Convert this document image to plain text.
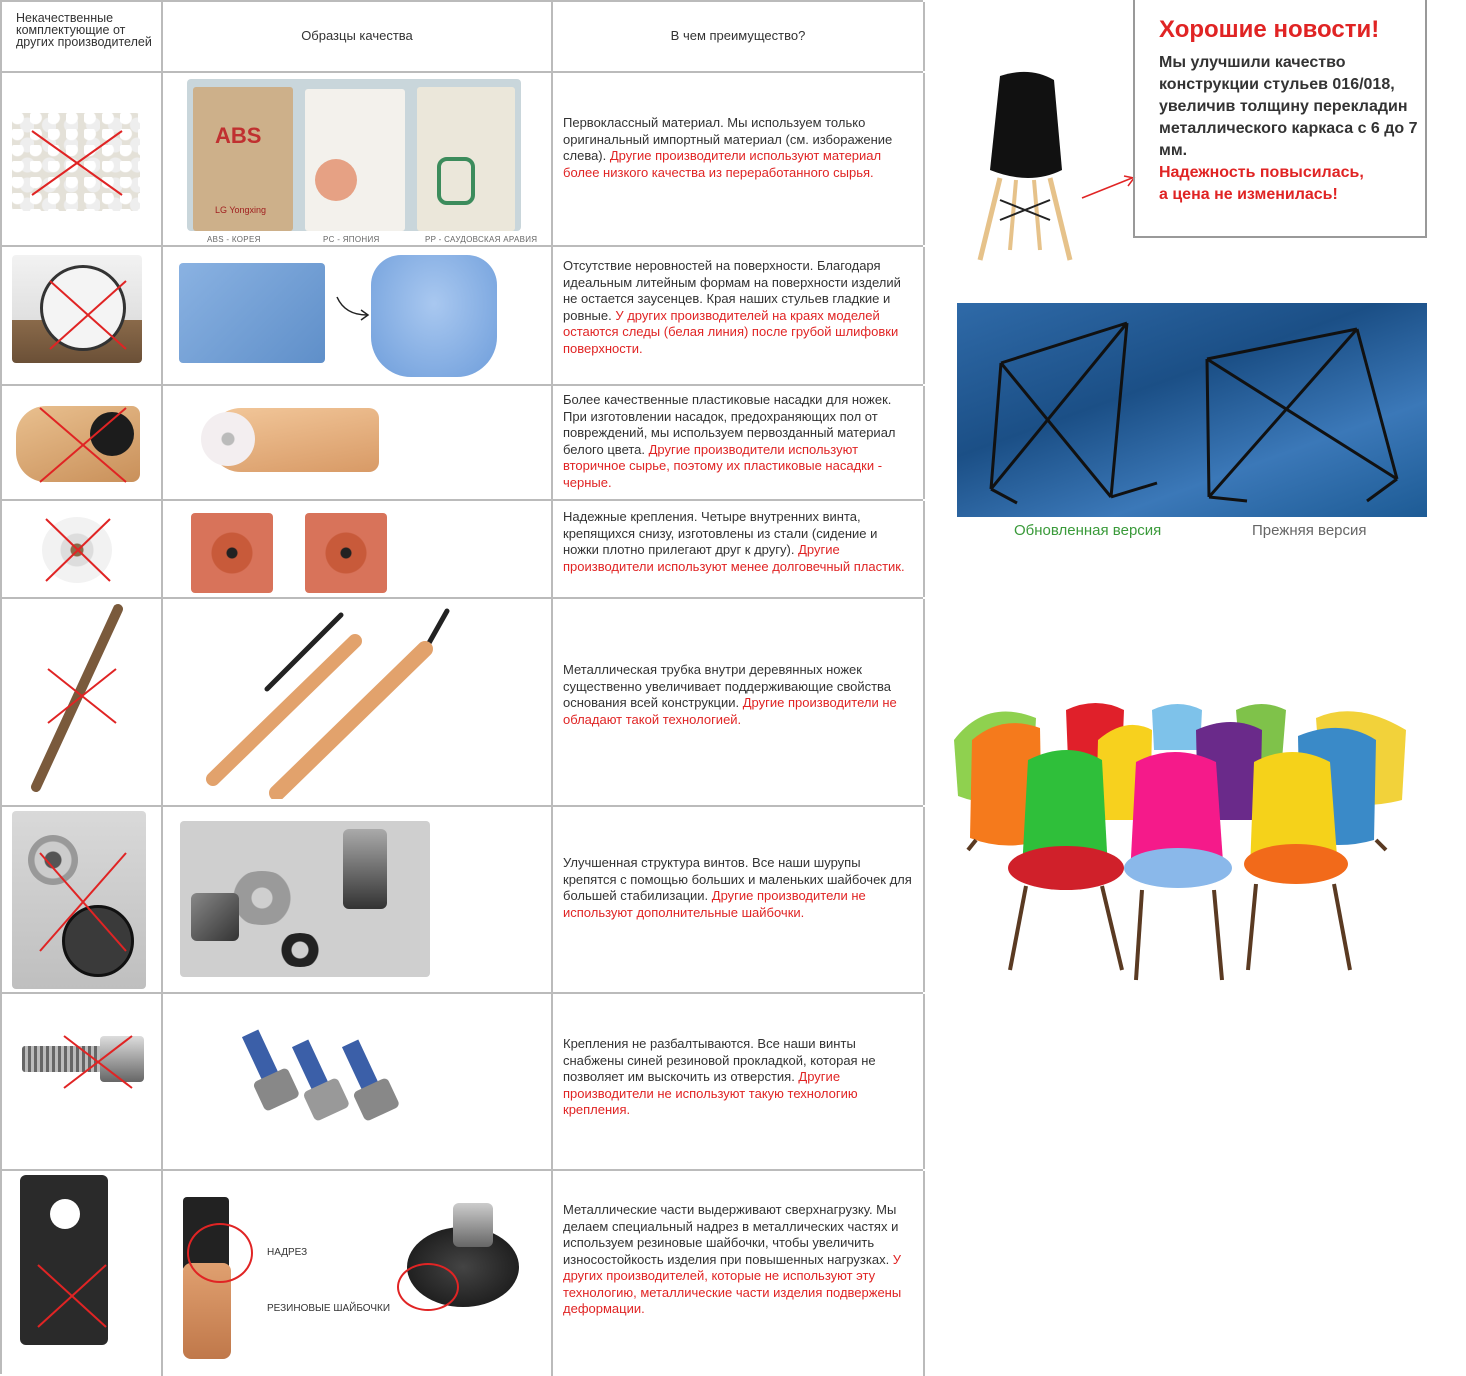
Некачественные комплектующие от других производителей	Образцы качества	В чем преимущество?
ABS
LG Yongxing
ABS - КОРЕЯ	PC - ЯПОНИЯ	PP - САУДОВСКАЯ АРАВИЯ
Первоклассный материал. Мы используем только оригинальный импортный материал (см. изборажение слева). Другие производители используют материал более низкого качества из переработанного сырья.
Отсутствие неровностей на поверхности. Благодаря идеальным литейным формам на поверхности изделий не остается заусенцев. Края наших стульев гладкие и ровные. У других производителей на краях моделей остаются следы (белая линия) после грубой шлифовки поверхности.
Более качественные пластиковые насадки для ножек. При изготовлении насадок, предохраняющих пол от повреждений, мы используем первозданный материал белого цвета. Другие производители используют вторичное сырье, поэтому их пластиковые насадки - черные.
Надежные крепления. Четыре внутренних винта, крепящихся снизу, изготовлены из стали (сидение и ножки плотно прилегают друг к другу). Другие производители используют менее долговечный пластик.
Металлическая трубка внутри деревянных ножек существенно увеличивает поддерживающие свойства основания всей конструкции. Другие производители не обладают такой технологией.
Улучшенная структура винтов. Все наши шурупы крепятся с помощью больших и маленьких шайбочек для большей стабилизации. Другие производители не используют дополнительные шайбочки.
Крепления не разбалтываются. Все наши винты снабжены синей резиновой прокладкой, которая не позволяет им выскочить из отверстия. Другие производители не используют такую технологию крепления.
НАДРЕЗ
РЕЗИНОВЫЕ ШАЙБОЧКИ
Металлические части выдерживают сверхнагрузку. Мы делаем специальный надрез в металлических частях и используем резиновые шайбочки, чтобы увеличить износостойкость изделия при повышенных нагрузках. У других производителей, которые не используют эту технологию, металлические части изделия подвержены деформации.
Хорошие новости!

Мы улучшили качество конструкции стульев 016/018, увеличив толщину перекладин металлического каркаса с 6 до 7 мм.

Надежность повысилась,

а цена не изменилась!

Обновленная версия	Прежняя версия
